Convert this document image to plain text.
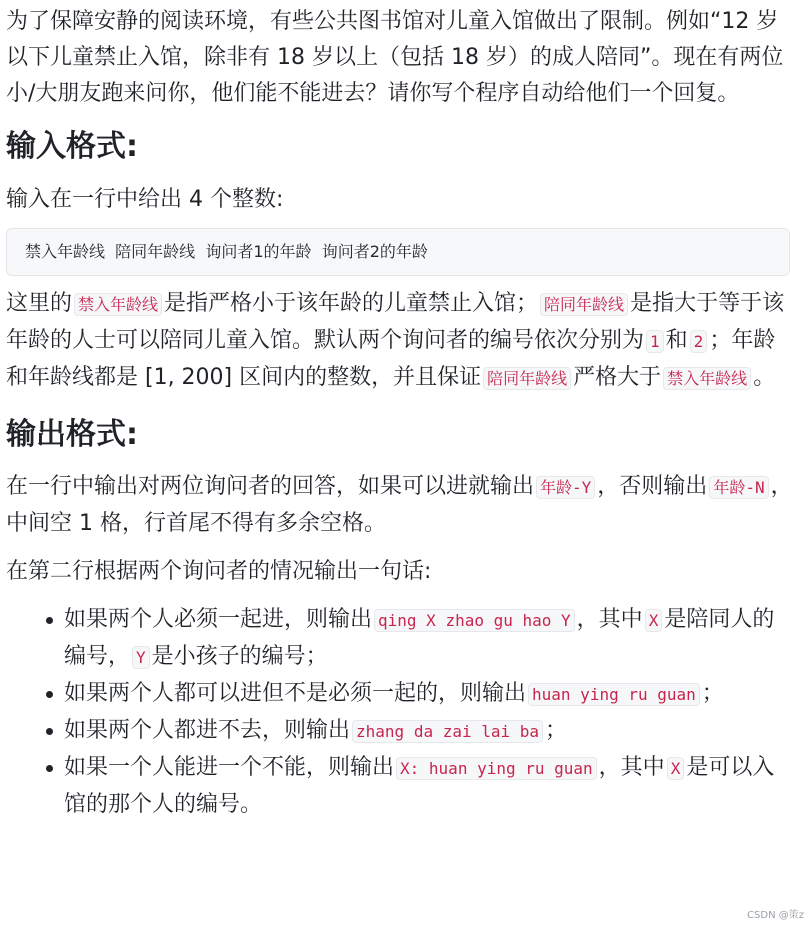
为了保障安静的阅读环境，有些公共图书馆对儿童入馆做出了限制。例如“12 岁以下儿童禁止入馆，除非有 18 岁以上（包括 18 岁）的成人陪同”。现在有两位小/大朋友跑来问你，他们能不能进去？请你写个程序自动给他们一个回复。

输入格式:

输入在一行中给出 4 个整数:

禁入年龄线  陪同年龄线  询问者1的年龄  询问者2的年龄

这里的 禁入年龄线 是指严格小于该年龄的儿童禁止入馆； 陪同年龄线 是指大于等于该年龄的人士可以陪同儿童入馆。默认两个询问者的编号依次分别为 1 和 2 ；年龄和年龄线都是 [1, 200] 区间内的整数，并且保证 陪同年龄线 严格大于 禁入年龄线 。

输出格式:

在一行中输出对两位询问者的回答，如果可以进就输出 年龄-Y ，否则输出 年龄-N ，中间空 1 格，行首尾不得有多余空格。

在第二行根据两个询问者的情况输出一句话:

如果两个人必须一起进，则输出 qing X zhao gu hao Y ，其中 X 是陪同人的编号， Y 是小孩子的编号；
如果两个人都可以进但不是必须一起的，则输出 huan ying ru guan ；
如果两个人都进不去，则输出 zhang da zai lai ba ；
如果一个人能进一个不能，则输出 X: huan ying ru guan ，其中 X 是可以入馆的那个人的编号。
CSDN @策z
